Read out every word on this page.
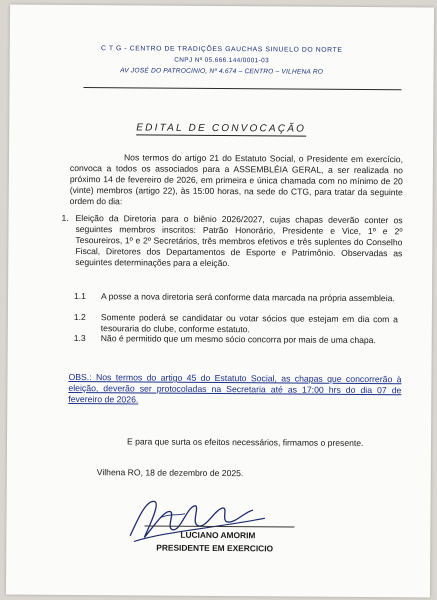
C T G - CENTRO DE TRADIÇÕES GAUCHAS SINUELO DO NORTE
CNPJ Nº 05.666.144/0001-03
AV JOSÉ DO PATROCINIO, Nº 4.674 – CENTRO – VILHENA RO
EDITAL DE CONVOCAÇÃO
Nos termos do artigo 21 do Estatuto Social, o Presidente em exercício, convoca a todos os associados para a ASSEMBLÉIA GERAL, a ser realizada no próximo 14 de fevereiro de 2026, em primeira e única chamada com no mínimo de 20 (vinte) membros (artigo 22), às 15:00 horas, na sede do CTG, para tratar da seguinte ordem do dia:
1. Eleição da Diretoria para o biênio 2026/2027, cujas chapas deverão conter os seguintes membros inscritos: Patrão Honorário, Presidente e Vice, 1º e 2º Tesoureiros, 1º e 2º Secretários, três membros efetivos e três suplentes do Conselho Fiscal, Diretores dos Departamentos de Esporte e Patrimônio. Observadas as seguintes determinações para a eleição.
1.1	A posse a nova diretoria será conforme data marcada na própria assembleia.
1.2	Somente poderá se candidatar ou votar sócios que estejam em dia com a tesouraria do clube, conforme estatuto.
1.3	Não é permitido que um mesmo sócio concorra por mais de uma chapa.
OBS.: Nos termos do artigo 45 do Estatuto Social, as chapas que concorrerão à eleição, deverão ser protocoladas na Secretaria até as 17:00 hrs do dia 07 de fevereiro de 2026.
E para que surta os efeitos necessários, firmamos o presente.
Vilhena RO, 18 de dezembro de 2025.
LUCIANO AMORIM
PRESIDENTE EM EXERCICIO
